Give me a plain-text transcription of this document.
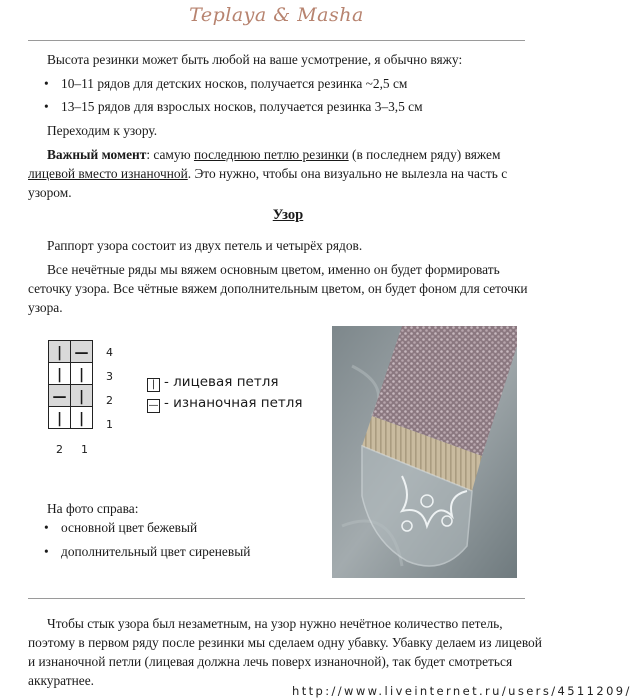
Teplaya & Masha
Высота резинки может быть любой на ваше усмотрение, я обычно вяжу:
• 10–11 рядов для детских носков, получается резинка ~2,5 см
• 13–15 рядов для взрослых носков, получается резинка 3–3,5 см
Переходим к узору.
Важный момент: самую последнюю петлю резинки (в последнем ряду) вяжем
лицевой вместо изнаночной. Это нужно, чтобы она визуально не вылезла на часть с
узором.
Узор
Раппорт узора состоит из двух петель и четырёх рядов.
Все нечётные ряды мы вяжем основным цветом, именно он будет формировать
сеточку узора. Все чётные вяжем дополнительным цветом, он будет фоном для сеточки
узора.
|	—
|	|
—	|
|	|
4
3
2
1
2 1
| - лицевая петля
— - изнаночная петля
На фото справа:
• основной цвет бежевый
• дополнительный цвет сиреневый
Чтобы стык узора был незаметным, на узор нужно нечётное количество петель,
поэтому в первом ряду после резинки мы сделаем одну убавку. Убавку делаем из лицевой
и изнаночной петли (лицевая должна лечь поверх изнаночной), так будет смотреться
аккуратнее.
http://www.liveinternet.ru/users/4511209/
